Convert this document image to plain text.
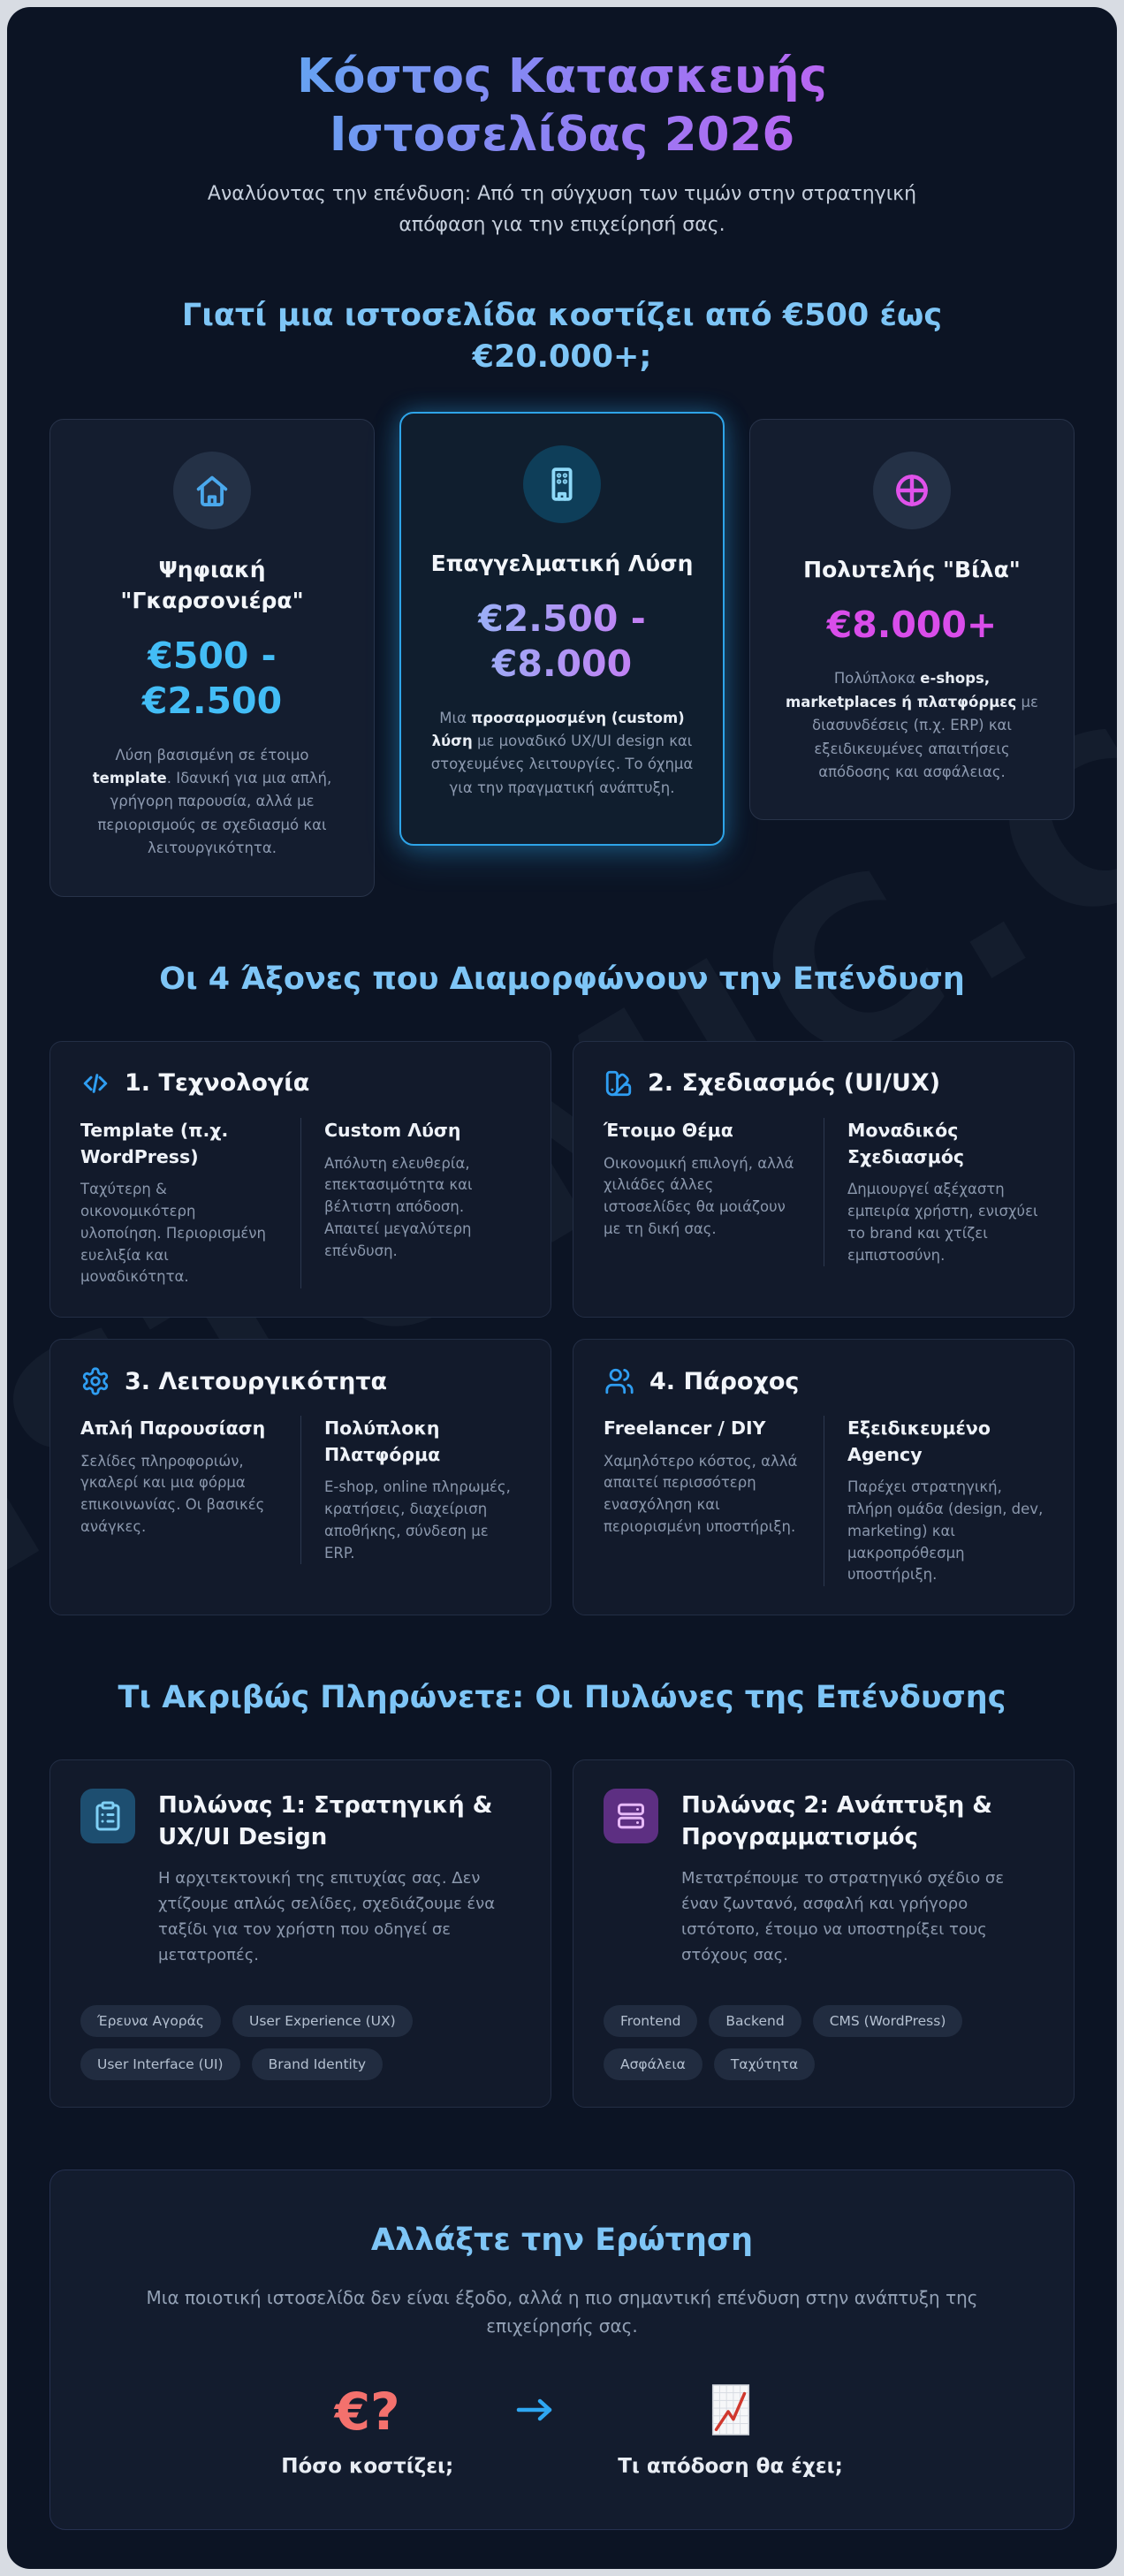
Κόστος Κατασκευής
Ιστοσελίδας 2026

Αναλύοντας την επένδυση: Από τη σύγχυση των τιμών στην στρατηγική απόφαση για την επιχείρησή σας.

Γιατί μια ιστοσελίδα κοστίζει από €500 έως €20.000+;
Ψηφιακή "Γκαρσονιέρα"
€500 - €2.500

Λύση βασισμένη σε έτοιμο template. Ιδανική για μια απλή, γρήγορη παρουσία, αλλά με περιορισμούς σε σχεδιασμό και λειτουργικότητα.

Επαγγελματική Λύση
€2.500 - €8.000

Μια προσαρμοσμένη (custom) λύση με μοναδικό UX/UI design και στοχευμένες λειτουργίες. Το όχημα για την πραγματική ανάπτυξη.

Πολυτελής "Βίλα"
€8.000+

Πολύπλοκα e-shops, marketplaces ή πλατφόρμες με διασυνδέσεις (π.χ. ERP) και εξειδικευμένες απαιτήσεις απόδοσης και ασφάλειας.

Οι 4 Άξονες που Διαμορφώνουν την Επένδυση
1. Τεχνολογία
Template (π.χ. WordPress)

Ταχύτερη & οικονομικότερη υλοποίηση. Περιορισμένη ευελιξία και μοναδικότητα.

Custom Λύση

Απόλυτη ελευθερία, επεκτασιμότητα και βέλτιστη απόδοση. Απαιτεί μεγαλύτερη επένδυση.

2. Σχεδιασμός (UI/UX)
Έτοιμο Θέμα

Οικονομική επιλογή, αλλά χιλιάδες άλλες ιστοσελίδες θα μοιάζουν με τη δική σας.

Μοναδικός Σχεδιασμός

Δημιουργεί αξέχαστη εμπειρία χρήστη, ενισχύει το brand και χτίζει εμπιστοσύνη.

3. Λειτουργικότητα
Απλή Παρουσίαση

Σελίδες πληροφοριών, γκαλερί και μια φόρμα επικοινωνίας. Οι βασικές ανάγκες.

Πολύπλοκη Πλατφόρμα

E-shop, online πληρωμές, κρατήσεις, διαχείριση αποθήκης, σύνδεση με ERP.

4. Πάροχος
Freelancer / DIY

Χαμηλότερο κόστος, αλλά απαιτεί περισσότερη ενασχόληση και περιορισμένη υποστήριξη.

Εξειδικευμένο Agency

Παρέχει στρατηγική, πλήρη ομάδα (design, dev, marketing) και μακροπρόθεσμη υποστήριξη.

Τι Ακριβώς Πληρώνετε: Οι Πυλώνες της Επένδυσης
Πυλώνας 1: Στρατηγική & UX/UI Design

Η αρχιτεκτονική της επιτυχίας σας. Δεν χτίζουμε απλώς σελίδες, σχεδιάζουμε ένα ταξίδι για τον χρήστη που οδηγεί σε μετατροπές.

Έρευνα Αγοράς	User Experience (UX)
User Interface (UI)	Brand Identity
Πυλώνας 2: Ανάπτυξη & Προγραμματισμός

Μετατρέπουμε το στρατηγικό σχέδιο σε έναν ζωντανό, ασφαλή και γρήγορο ιστότοπο, έτοιμο να υποστηρίξει τους στόχους σας.

Frontend	Backend	CMS (WordPress)
Ασφάλεια	Ταχύτητα
Αλλάξτε την Ερώτηση

Μια ποιοτική ιστοσελίδα δεν είναι έξοδο, αλλά η πιο σημαντική επένδυση στην ανάπτυξη της επιχείρησής σας.

€?
Πόσο κοστίζει;	Τι απόδοση θα έχει;
